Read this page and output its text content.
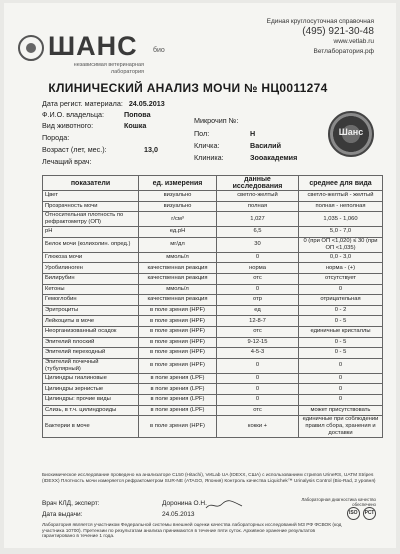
ШАНС био
независимая ветеринарная лаборатория
Единая круглосуточная справочная
(495) 921-30-48
www.vetlab.ru
Ветлаборатория.рф
КЛИНИЧЕСКИЙ АНАЛИЗ МОЧИ № НЦ0011274
Дата регист. материала: 24.05.2013
Ф.И.О. владельца:	Попова
Вид животного:	Кошка
Порода:
Возраст (лет, мес.):	13,0
Лечащий врач:
Микрочип №:
Пол:	Н
Кличка:	Василий
Клиника:	Зооакадемия
Шанс
показатели	ед. измерения	данные исследования	среднее для вида
Цвет	визуально	светло-желтый	светло-желтый - желтый
Прозрачность мочи	визуально	полная	полная - неполная
Относительная плотность по рефрактометру (ОП)	г/см³	1,027	1,035 - 1,060
pH	ед.pH	6,5	5,0 - 7,0
Белок мочи (колихолин. опред.)	мг/дл	30	0 (при ОП <1,020) ≤ 30 (при ОП <1,035)
Глюкоза мочи	ммоль/л	0	0,0 - 3,0
Уробилиноген	качественная реакция	норма	норма - (+)
Билирубин	качественная реакция	отс	отсутствует
Кетоны	ммоль/л	0	0
Гемоглобин	качественная реакция	отр	отрицательная
Эритроциты	в поле зрения (HPF)	ед	0 - 2
Лейкоциты в моче	в поле зрения (HPF)	12-8-7	0 - 5
Неорганизованный осадок	в поле зрения (HPF)	отс	единичные кристаллы
Эпителий плоский	в поле зрения (HPF)	9-12-15	0 - 5
Эпителий переходный	в поле зрения (HPF)	4-5-3	0 - 5
Эпителий почечный (тубулярный)	в поле зрения (HPF)	0	0
Цилиндры гиалиновые	в поле зрения (LPF)	0	0
Цилиндры зернистые	в поле зрения (LPF)	0	0
Цилиндры: прочие виды	в поле зрения (LPF)	0	0
Слизь, в т.ч. цилиндроиды	в поле зрения (LPF)	отс	может присутствовать
Бактерии в моче	в поле зрения (HPF)	кокки +	единичные при соблюдении правил сбора, хранения и доставки
Биохимическое исследование проведено на анализаторе CL50 (Hitachi), VetLab UA (IDEXX, США) с использованием стрипов UrineRS, UATM Stripes (IDEXX) Плотность мочи измеряется рефрактометром SUR-NE (ATAGO, Япония) Контроль качества Liquichek™ Urinalysis Control (Bio-Rad, 2 уровня)
Врач КЛД, эксперт:	Доронина О.Н.
Дата выдачи:	24.05.2013
Лабораторная диагностика качество обеспечено
ISO РСТ
Лаборатория является участником Федеральной системы внешней оценки качества лабораторных исследований МЗ РФ ФСВОК (код участника 10700). Претензии по результатам анализа принимаются в течение пяти суток. Архивное хранение результатов гарантировано в течение 1 года.
